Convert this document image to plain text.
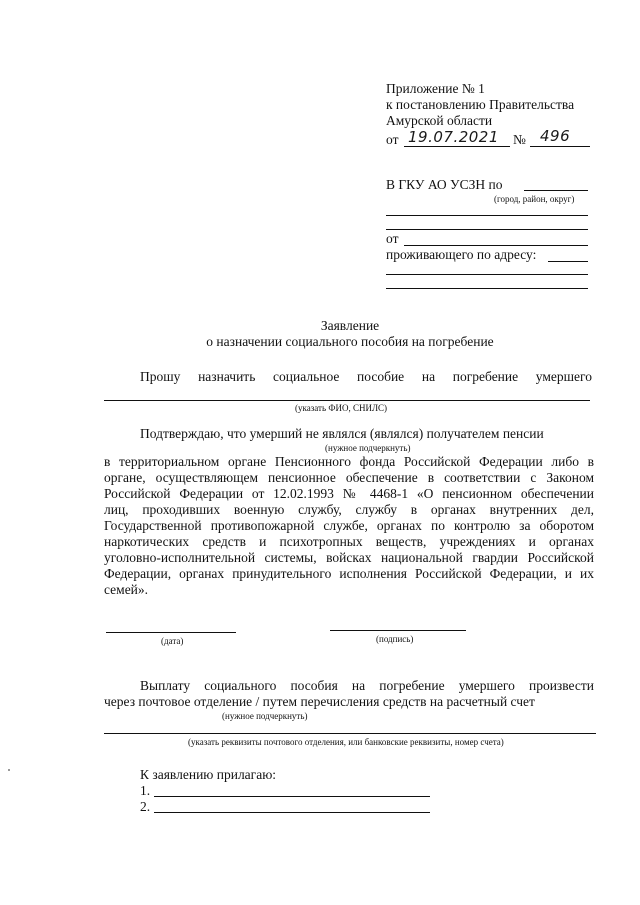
Приложение № 1
к постановлению Правительства
Амурской области
от 19.07.2021 № 496
В ГКУ АО УСЗН по
(город, район, округ)
от
проживающего по адресу:
Заявление
о назначении социального пособия на погребение
Прошу назначить социальное пособие на погребение умершего
(указать ФИО, СНИЛС)
Подтверждаю, что умерший не являлся (являлся) получателем пенсии
(нужное подчеркнуть)
в территориальном органе Пенсионного фонда Российской Федерации либо в
органе, осуществляющем пенсионное обеспечение в соответствии с Законом
Российской Федерации от 12.02.1993 № 4468-1 «О пенсионном обеспечении
лиц, проходивших военную службу, службу в органах внутренних дел,
Государственной противопожарной службе, органах по контролю за оборотом
наркотических средств и психотропных веществ, учреждениях и органах
уголовно-исполнительной системы, войсках национальной гвардии Российской
Федерации, органах принудительного исполнения Российской Федерации, и их
семей».
(дата)	(подпись)
Выплату социального пособия на погребение умершего произвести
через почтовое отделение / путем перечисления средств на расчетный счет
(нужное подчеркнуть)
(указать реквизиты почтового отделения, или банковские реквизиты, номер счета)
К заявлению прилагаю:
1.
2.
